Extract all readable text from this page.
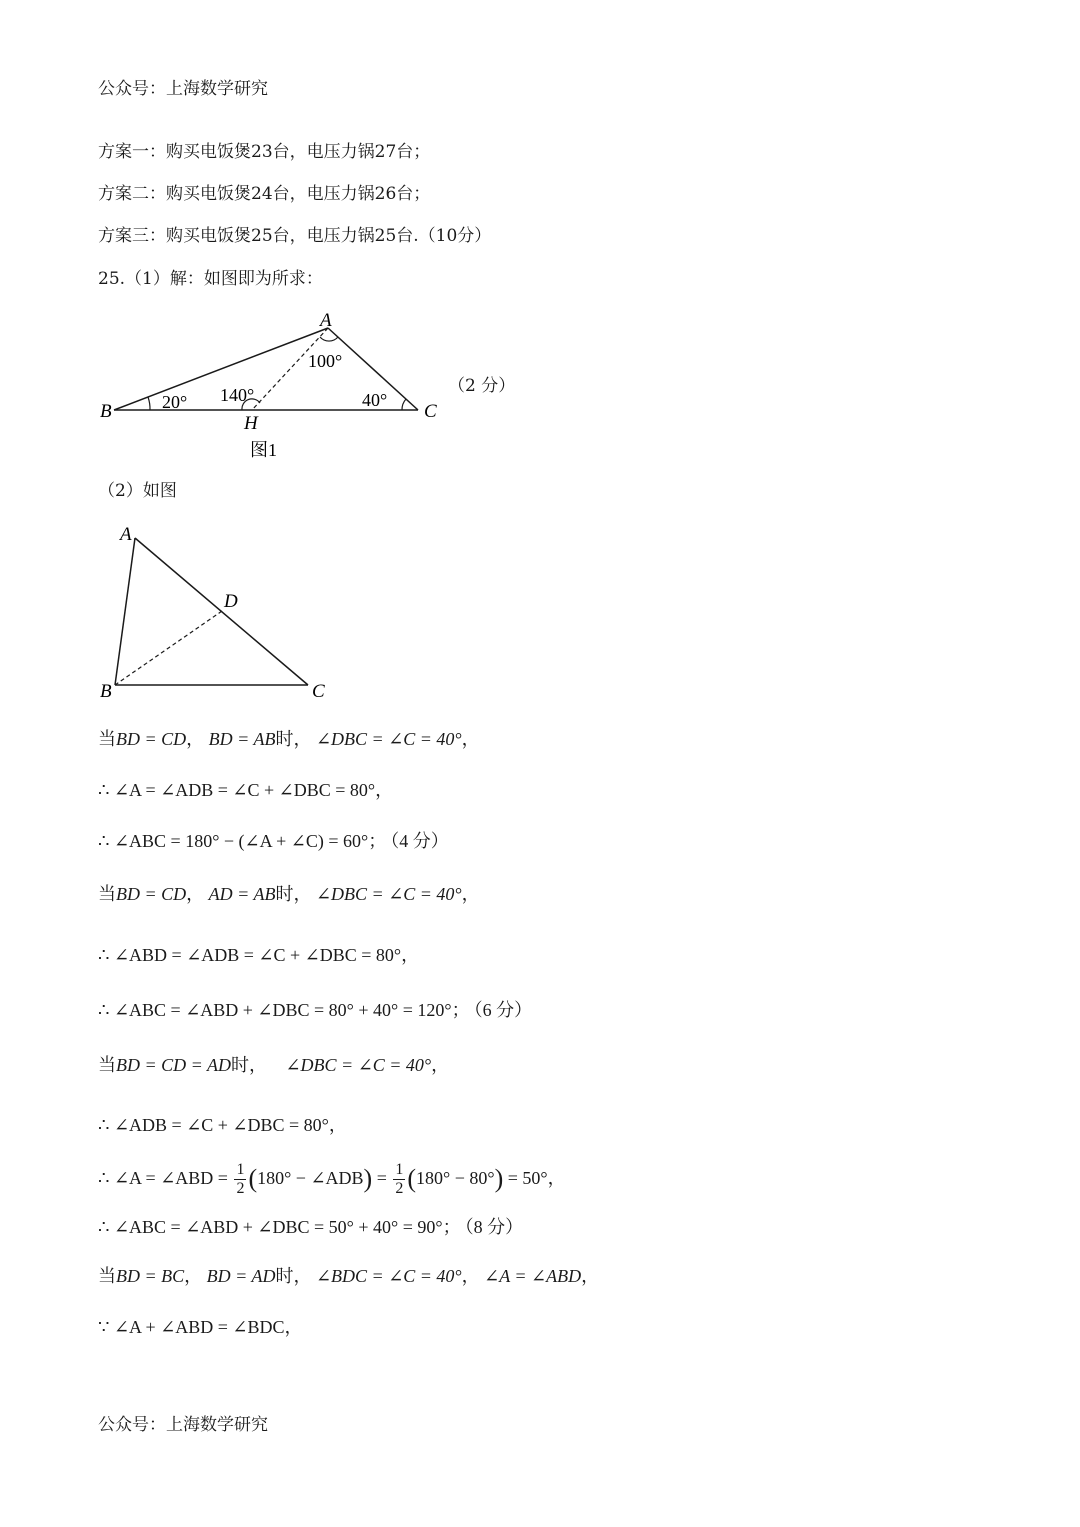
公众号：上海数学研究
方案一：购买电饭煲23台，电压力锅27台；
方案二：购买电饭煲24台，电压力锅26台；
方案三：购买电饭煲25台，电压力锅25台.（10分）
25.（1）解：如图即为所求：
A
B	C
H
100°
20° 140°	40°
图1
（2 分）
（2）如图
A
B	C
D
当BD = CD， BD = AB时， ∠DBC = ∠C = 40°，
∴ ∠A = ∠ADB = ∠C + ∠DBC = 80°，
∴ ∠ABC = 180° − (∠A + ∠C) = 60°； （4 分）
当BD = CD， AD = AB时， ∠DBC = ∠C = 40°，
∴ ∠ABD = ∠ADB = ∠C + ∠DBC = 80°，
∴ ∠ABC = ∠ABD + ∠DBC = 80° + 40° = 120°； （6 分）
当BD = CD = AD时， ∠DBC = ∠C = 40°，
∴ ∠ADB = ∠C + ∠DBC = 80°，
∴ ∠A = ∠ABD = $\frac{1}{2} (180^\circ$ − ∠ADB) = $\frac{1}{2} (180^\circ - 80^\circ) = 50^\circ$，
∴ ∠ABC = ∠ABD + ∠DBC = 50° + 40° = 90°； （8 分）
当BD = BC， BD = AD时， ∠BDC = ∠C = 40°， ∠A = ∠ABD，
∵ ∠A + ∠ABD = ∠BDC，
公众号：上海数学研究
